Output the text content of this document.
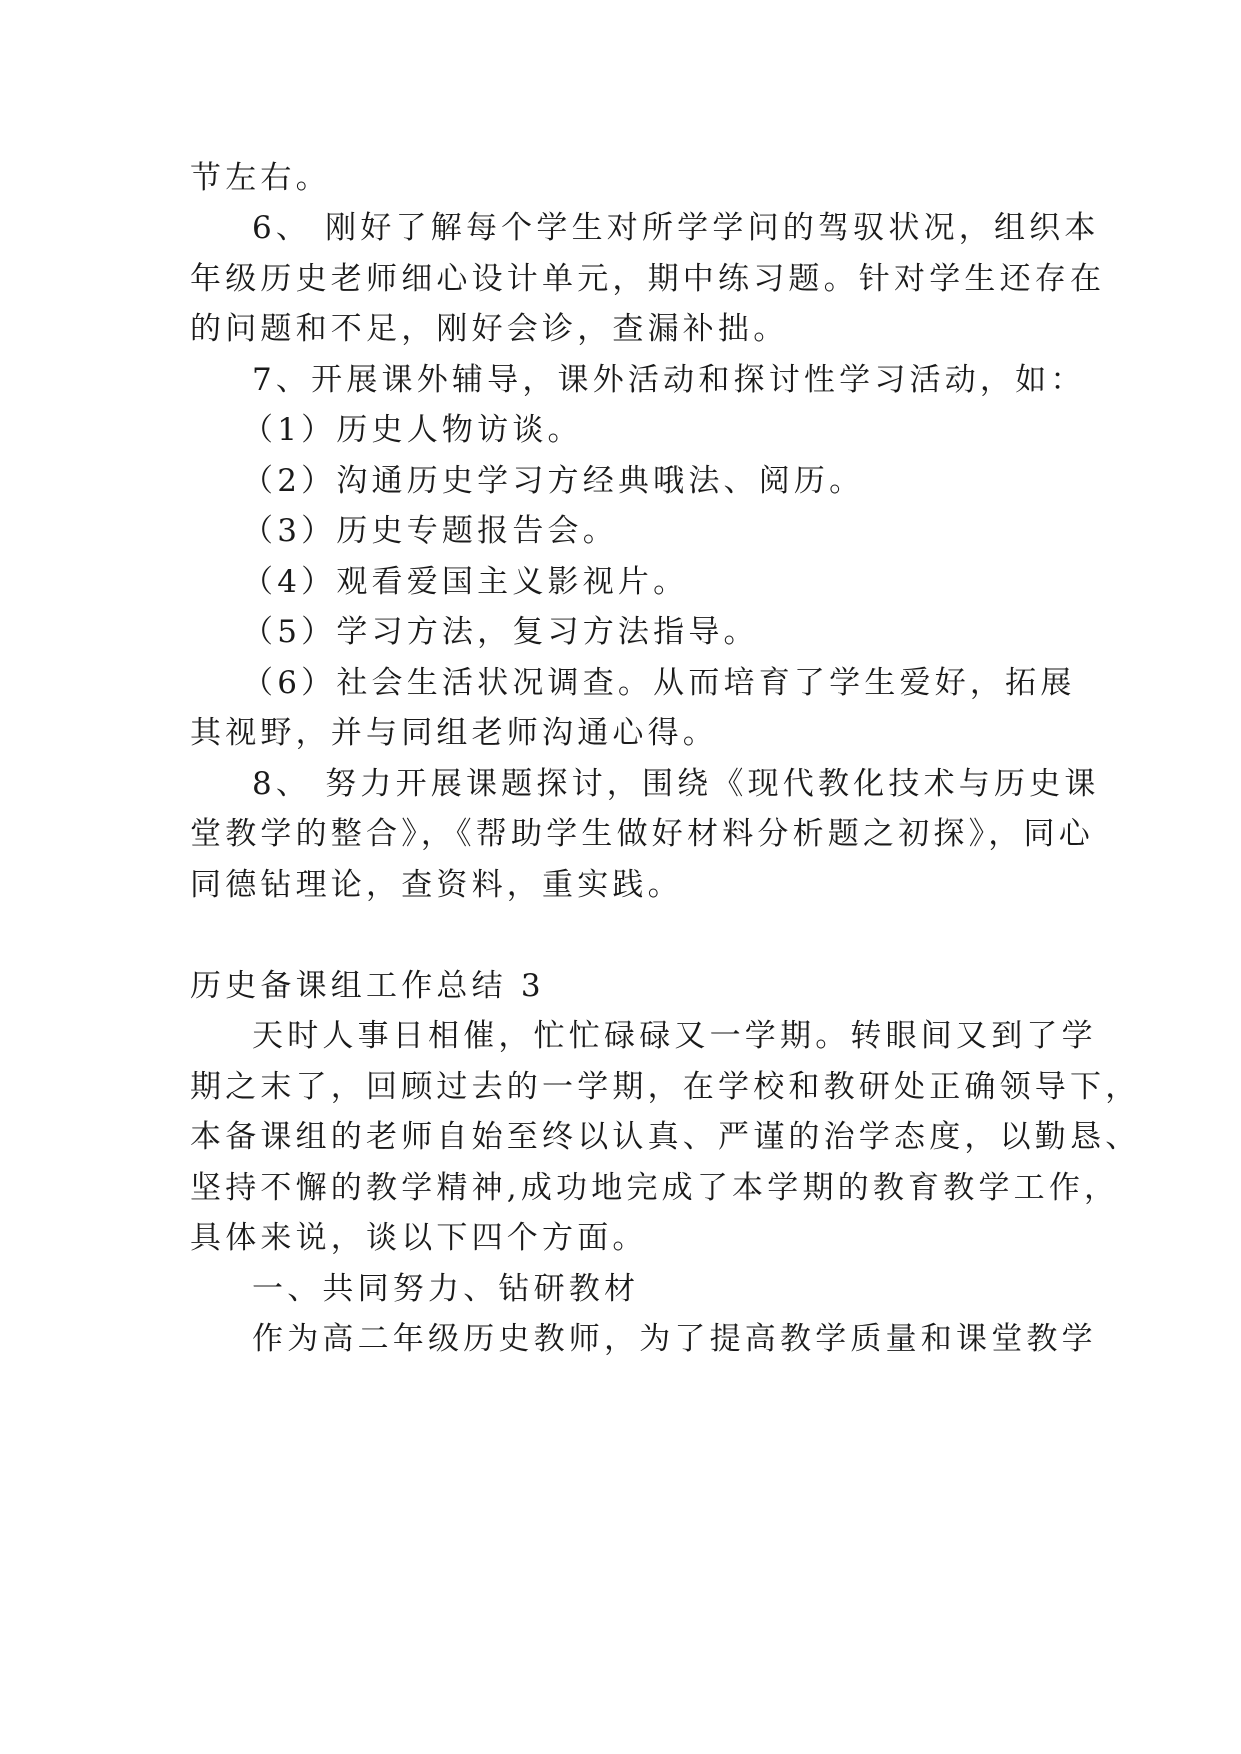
节左右。
6、 刚好了解每个学生对所学学问的驾驭状况，组织本
年级历史老师细心设计单元，期中练习题。针对学生还存在
的问题和不足，刚好会诊，查漏补拙。
7、开展课外辅导，课外活动和探讨性学习活动，如：
（1）历史人物访谈。
（2）沟通历史学习方经典哦法、阅历。
（3）历史专题报告会。
（4）观看爱国主义影视片。
（5）学习方法，复习方法指导。
（6）社会生活状况调查。从而培育了学生爱好，拓展
其视野，并与同组老师沟通心得。
8、 努力开展课题探讨，围绕《现代教化技术与历史课
堂教学的整合》，《帮助学生做好材料分析题之初探》，同心
同德钻理论，查资料，重实践。
历史备课组工作总结 3
天时人事日相催，忙忙碌碌又一学期。转眼间又到了学
期之末了，回顾过去的一学期，在学校和教研处正确领导下，
本备课组的老师自始至终以认真、严谨的治学态度，以勤恳、
坚持不懈的教学精神,成功地完成了本学期的教育教学工作，
具体来说，谈以下四个方面。
一、共同努力、钻研教材
作为高二年级历史教师，为了提高教学质量和课堂教学
